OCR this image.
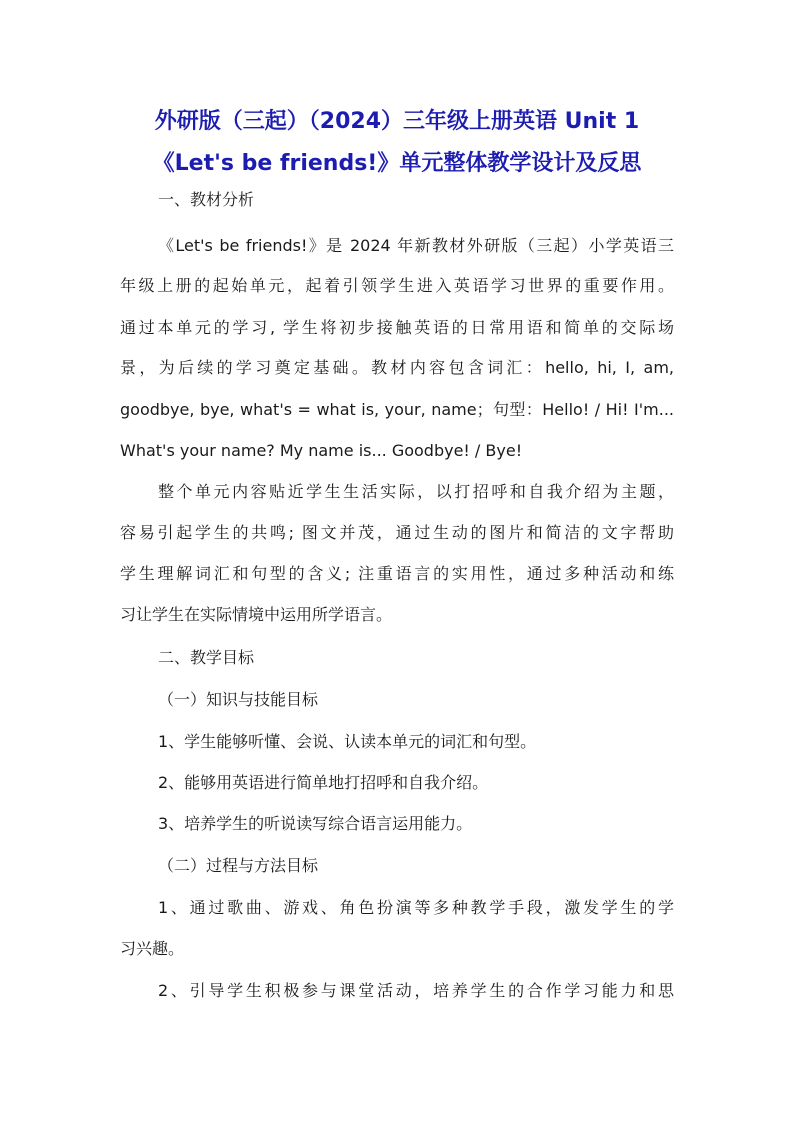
外研版（三起）（2024）三年级上册英语 Unit 1
《Let's be friends!》单元整体教学设计及反思
一、教材分析
《Let's be friends!》是 2024 年新教材外研版（三起）小学英语三
年级上册的起始单元，起着引领学生进入英语学习世界的重要作用。
通过本单元的学习, 学生将初步接触英语的日常用语和简单的交际场
景，为后续的学习奠定基础。教材内容包含词汇：hello, hi, I, am,
goodbye, bye, what's = what is, your, name；句型：Hello! / Hi! I'm...
What's your name? My name is... Goodbye! / Bye!
整个单元内容贴近学生生活实际，以打招呼和自我介绍为主题，
容易引起学生的共鸣; 图文并茂，通过生动的图片和简洁的文字帮助
学生理解词汇和句型的含义; 注重语言的实用性，通过多种活动和练
习让学生在实际情境中运用所学语言。
二、教学目标
（一）知识与技能目标
1、学生能够听懂、会说、认读本单元的词汇和句型。
2、能够用英语进行简单地打招呼和自我介绍。
3、培养学生的听说读写综合语言运用能力。
（二）过程与方法目标
1、通过歌曲、游戏、角色扮演等多种教学手段，激发学生的学
习兴趣。
2、引导学生积极参与课堂活动，培养学生的合作学习能力和思
